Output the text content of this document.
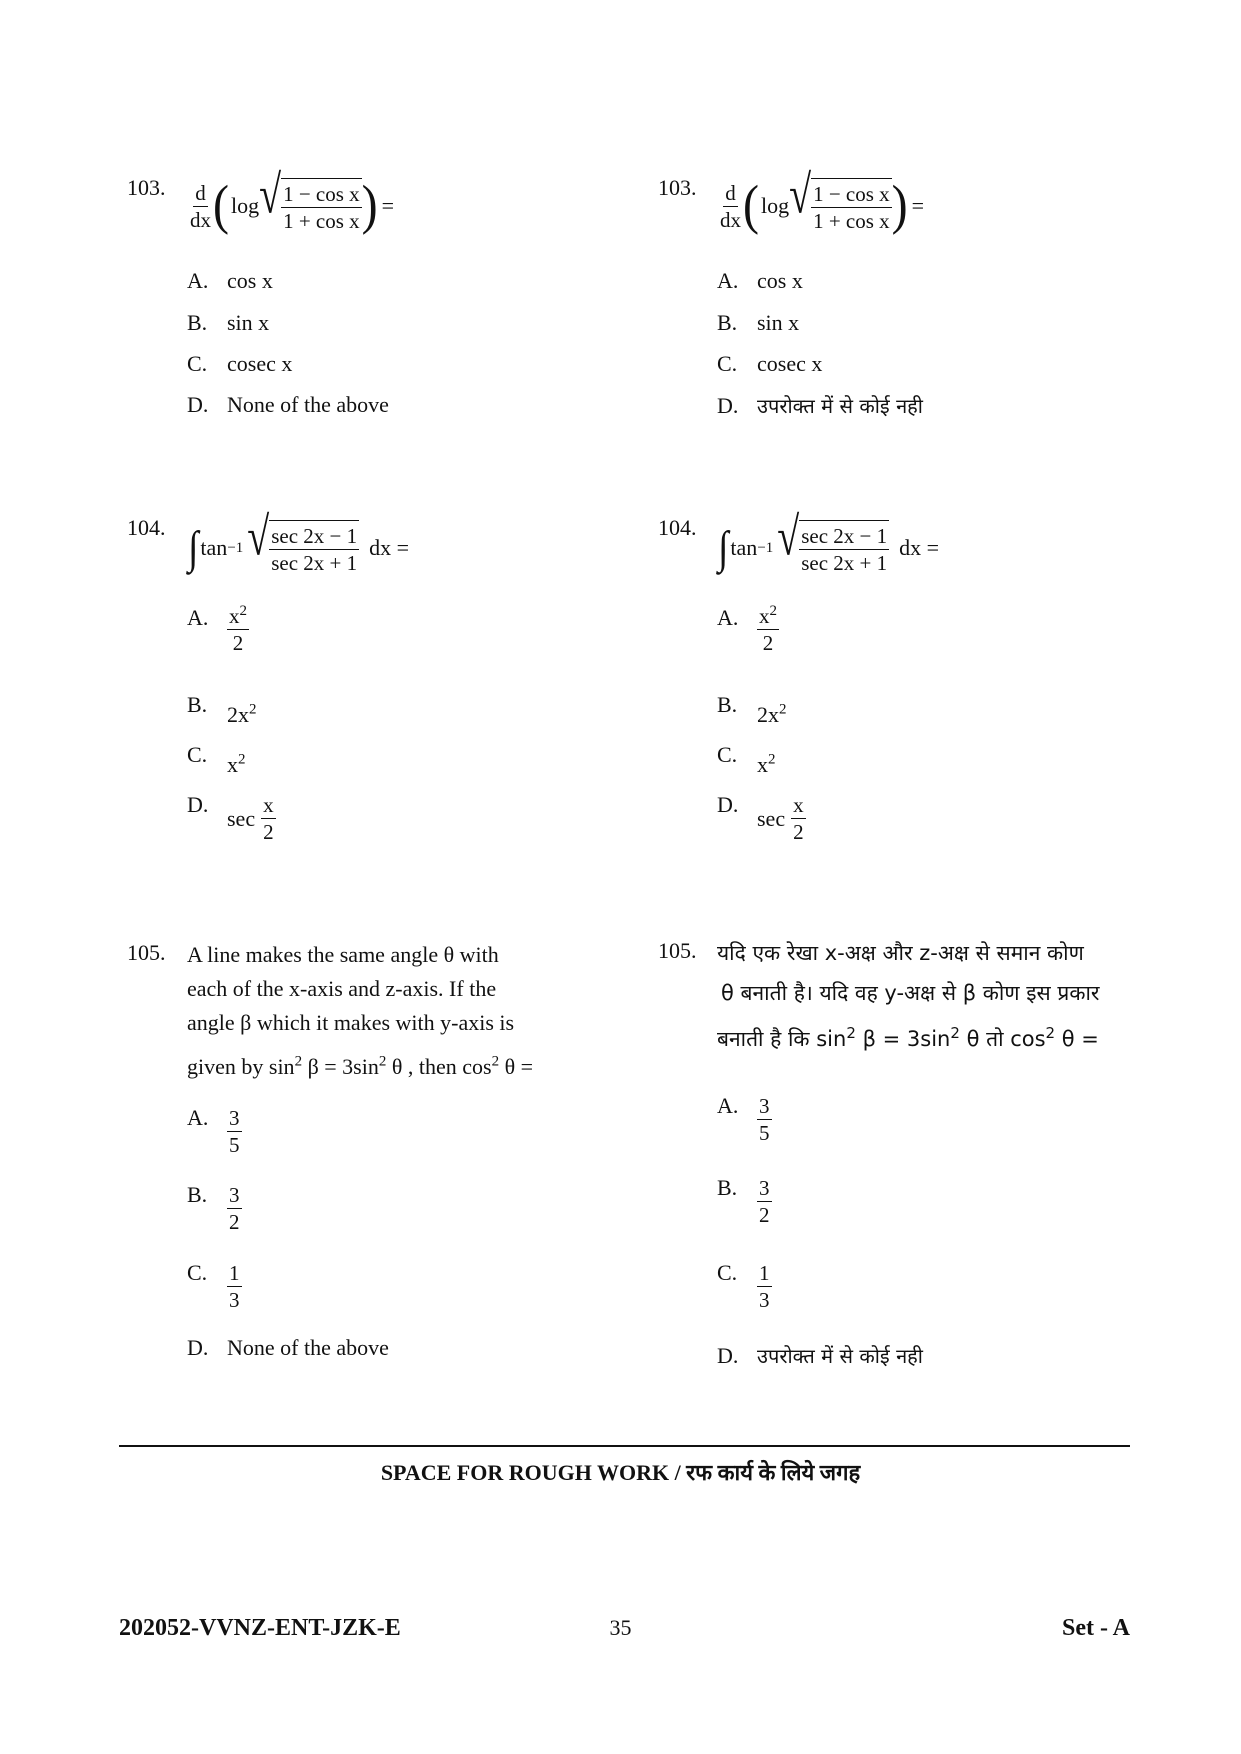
103. $\frac{d}{dx}$ ( log √ $\frac{\text{1 − cos x}}{\text{1 + cos x}}$ ) =
A. cos x
B. sin x
C. cosec x
D. None of the above
103. $\frac{d}{dx}$ ( log √ $\frac{\text{1 − cos x}}{\text{1 + cos x}}$ ) =
A. cos x
B. sin x
C. cosec x
D. उपरोक्त में से कोई नही
104. ∫ tan −1 √ $\frac{\sec 2x - 1}{\sec 2x + 1}$ dx =
A. $\frac{x^2}{2}$
B. $2x^2$
C. $x^2$
D.
$\sec \frac{x}{2}$
104. ∫ tan −1 √ $\frac{\sec 2x - 1}{\sec 2x + 1}$ dx =
A. $\frac{x^2}{2}$
B. $2x^2$
C. $x^2$
D.
$\sec \frac{x}{2}$
105. A line makes the same angle θ with
each of the x-axis and z-axis. If the
angle β which it makes with y-axis is
given by $\sin^2 \beta = 3\sin^2$ θ , then $\cos^2 \theta$ =
A. $\frac{3}{5}$
B. $\frac{3}{2}$
C. $\frac{1}{3}$
D. None of the above
105. यदि एक रेखा x-अक्ष और z-अक्ष से समान कोण
θ बनाती है। यदि वह y-अक्ष से β कोण इस प्रकार
बनाती है कि $\sin^2 \beta = 3\sin^2$ θ तो $\cos^2 \theta$ =
A. $\frac{3}{5}$
B. $\frac{3}{2}$
C. $\frac{1}{3}$
D. उपरोक्त में से कोई नही
SPACE FOR ROUGH WORK / रफ कार्य के लिये जगह
202052-VVNZ-ENT-JZK-E	35	Set - A
